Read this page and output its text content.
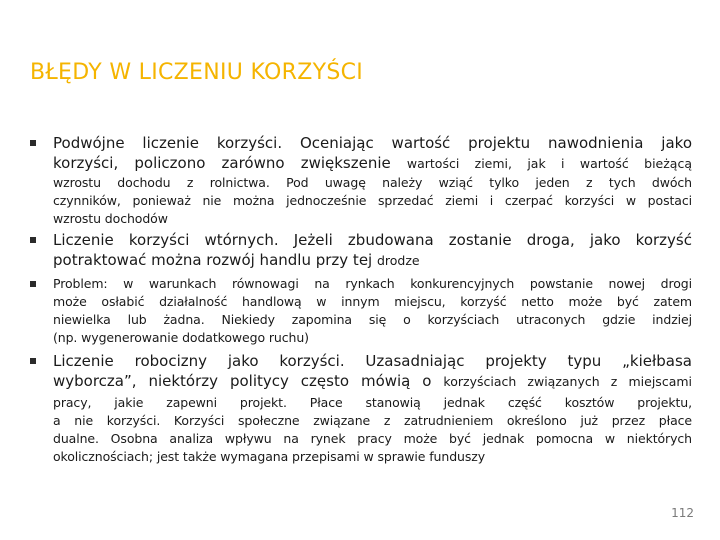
BŁĘDY W LICZENIU KORZYŚCI
Podwójne liczenie korzyści. Oceniając wartość projektu nawodnienia jako
korzyści, policzono zarówno zwiększenie wartości ziemi, jak i wartość bieżącą
wzrostu dochodu z rolnictwa. Pod uwagę należy wziąć tylko jeden z tych dwóch
czynników, ponieważ nie można jednocześnie sprzedać ziemi i czerpać korzyści w postaci
wzrostu dochodów
Liczenie korzyści wtórnych. Jeżeli zbudowana zostanie droga, jako korzyść
potraktować można rozwój handlu przy tej drodze
Problem: w warunkach równowagi na rynkach konkurencyjnych powstanie nowej drogi
może osłabić działalność handlową w innym miejscu, korzyść netto może być zatem
niewielka lub żadna. Niekiedy zapomina się o korzyściach utraconych gdzie indziej
(np. wygenerowanie dodatkowego ruchu)
Liczenie robocizny jako korzyści. Uzasadniając projekty typu „kiełbasa
wyborcza”, niektórzy politycy często mówią o korzyściach związanych z miejscami
pracy, jakie zapewni projekt. Płace stanowią jednak część kosztów projektu,
a nie korzyści. Korzyści społeczne związane z zatrudnieniem określono już przez płace
dualne. Osobna analiza wpływu na rynek pracy może być jednak pomocna w niektórych
okolicznościach; jest także wymagana przepisami w sprawie funduszy
112
